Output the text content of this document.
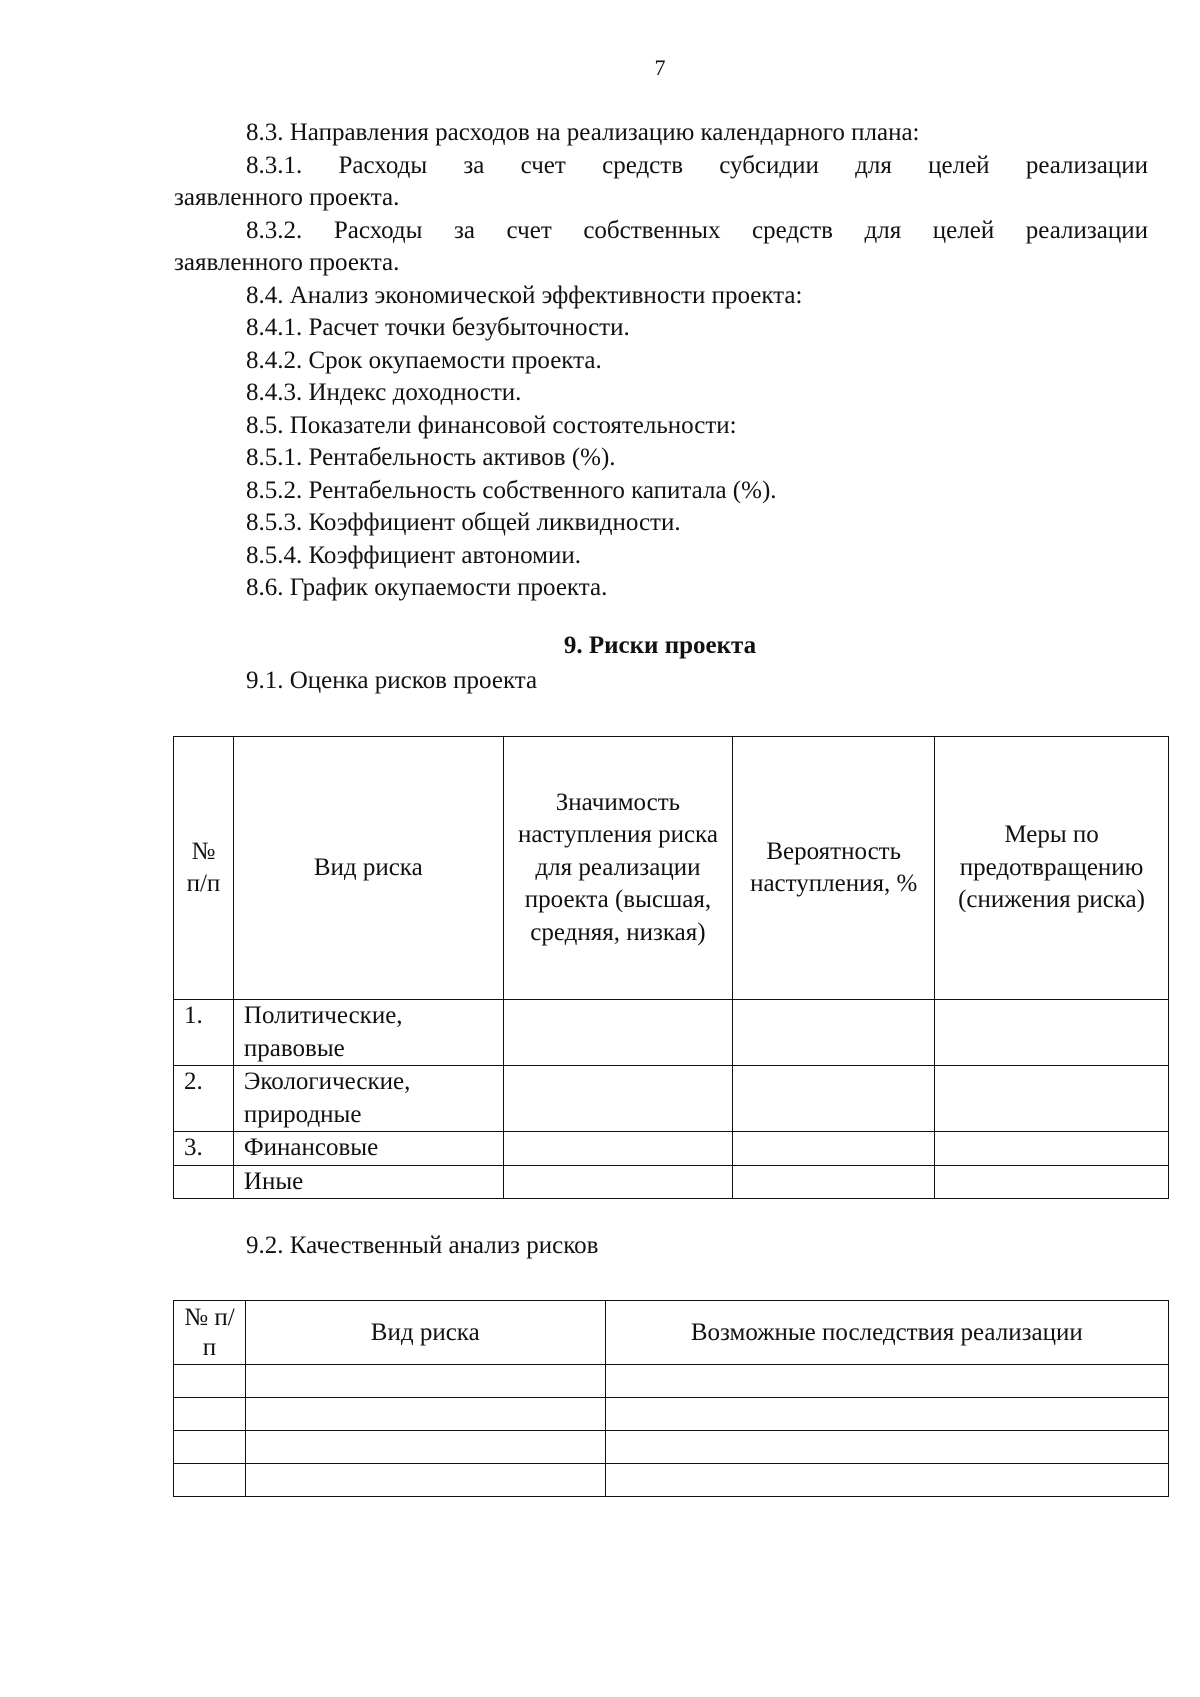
7
8.3. Направления расходов на реализацию календарного плана:
8.3.1. Расходы за счет средств субсидии для целей реализации
заявленного проекта.
8.3.2. Расходы за счет собственных средств для целей реализации
заявленного проекта.
8.4. Анализ экономической эффективности проекта:
8.4.1. Расчет точки безубыточности.
8.4.2. Срок окупаемости проекта.
8.4.3. Индекс доходности.
8.5. Показатели финансовой состоятельности:
8.5.1. Рентабельность активов (%).
8.5.2. Рентабельность собственного капитала (%).
8.5.3. Коэффициент общей ликвидности.
8.5.4. Коэффициент автономии.
8.6. График окупаемости проекта.
9. Риски проекта
9.1. Оценка рисков проекта
№ п/п	Вид риска	Значимость наступления риска для реализации проекта (высшая, средняя, низкая)	Вероятность наступления, %	Меры по предотвращению (снижения риска)
1.	Политические, правовые			
2.	Экологические, природные			
3.	Финансовые			
	Иные			
9.2. Качественный анализ рисков
№ п/п	Вид риска	Возможные последствия реализации
